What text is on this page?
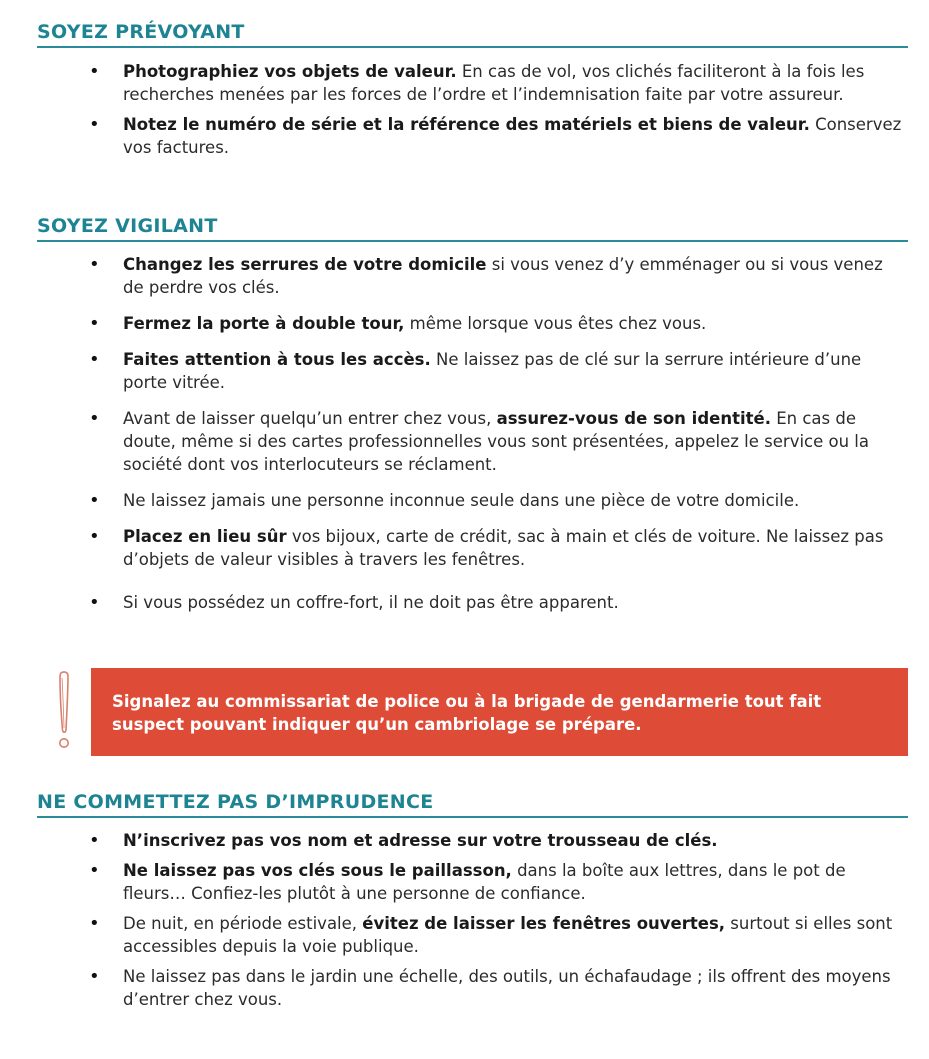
SOYEZ PRÉVOYANT
• Photographiez vos objets de valeur. En cas de vol, vos clichés faciliteront à la fois les recherches menées par les forces de l’ordre et l’indemnisation faite par votre assureur.
• Notez le numéro de série et la référence des matériels et biens de valeur. Conservez vos factures.
SOYEZ VIGILANT
• Changez les serrures de votre domicile si vous venez d’y emménager ou si vous venez de perdre vos clés.
• Fermez la porte à double tour, même lorsque vous êtes chez vous.
• Faites attention à tous les accès. Ne laissez pas de clé sur la serrure intérieure d’une porte vitrée.
• Avant de laisser quelqu’un entrer chez vous, assurez-vous de son identité. En cas de doute, même si des cartes professionnelles vous sont présentées, appelez le service ou la société dont vos interlocuteurs se réclament.
• Ne laissez jamais une personne inconnue seule dans une pièce de votre domicile.
• Placez en lieu sûr vos bijoux, carte de crédit, sac à main et clés de voiture. Ne laissez pas d’objets de valeur visibles à travers les fenêtres.
• Si vous possédez un coffre-fort, il ne doit pas être apparent.
Signalez au commissariat de police ou à la brigade de gendarmerie tout fait suspect pouvant indiquer qu’un cambriolage se prépare.
NE COMMETTEZ PAS D’IMPRUDENCE
• N’inscrivez pas vos nom et adresse sur votre trousseau de clés.
• Ne laissez pas vos clés sous le paillasson, dans la boîte aux lettres, dans le pot de fleurs… Confiez-les plutôt à une personne de confiance.
• De nuit, en période estivale, évitez de laisser les fenêtres ouvertes, surtout si elles sont accessibles depuis la voie publique.
• Ne laissez pas dans le jardin une échelle, des outils, un échafaudage ; ils offrent des moyens d’entrer chez vous.
